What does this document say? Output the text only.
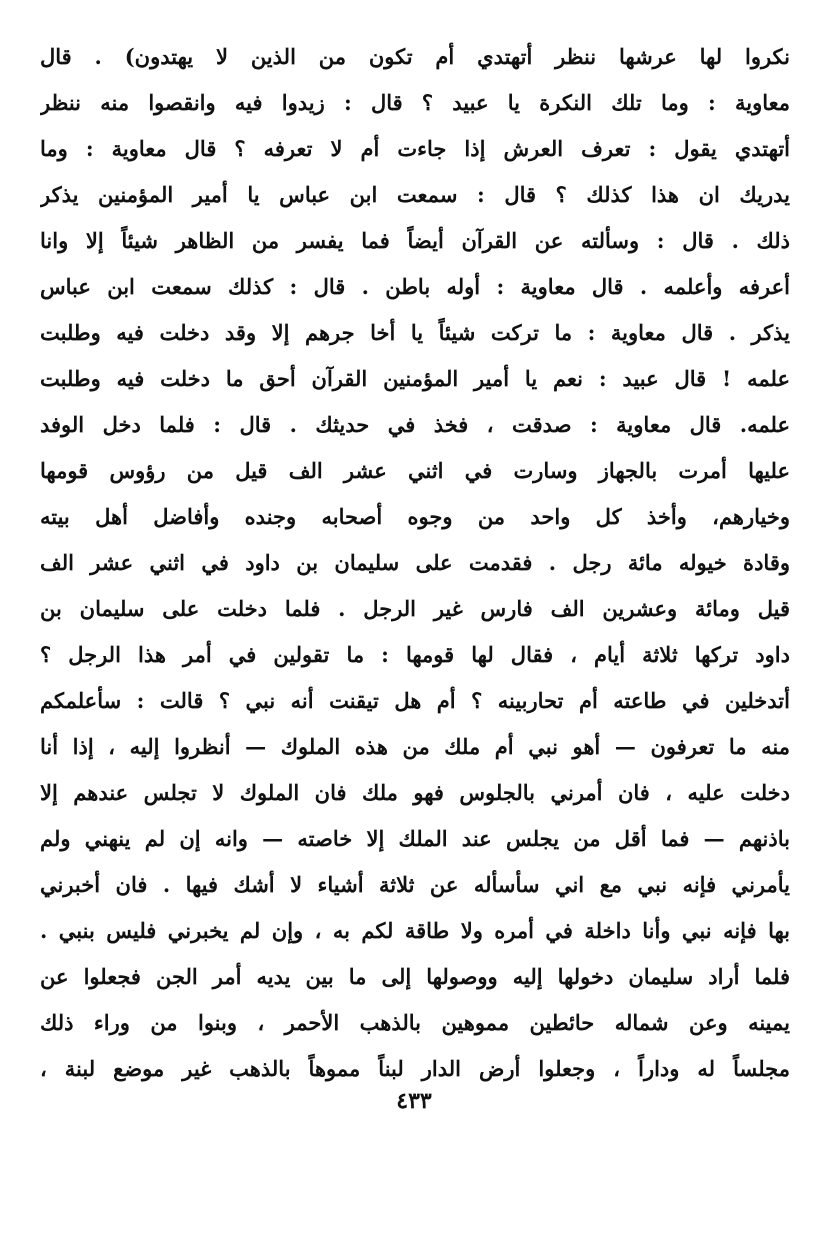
نكروا لها عرشها ننظر أتهتدي أم تكون من الذين لا يهتدون) . قال
معاوية : وما تلك النكرة يا عبيد ؟ قال : زيدوا فيه وانقصوا منه ننظر
أتهتدي يقول : تعرف العرش إذا جاءت أم لا تعرفه ؟ قال معاوية : وما
يدريك ان هذا كذلك ؟ قال : سمعت ابن عباس يا أمير المؤمنين يذكر
ذلك . قال : وسألته عن القرآن أيضاً فما يفسر من الظاهر شيئاً إلا وانا
أعرفه وأعلمه . قال معاوية : أوله باطن . قال : كذلك سمعت ابن عباس
يذكر . قال معاوية : ما تركت شيئاً يا أخا جرهم إلا وقد دخلت فيه وطلبت
علمه ! قال عبيد : نعم يا أمير المؤمنين القرآن أحق ما دخلت فيه وطلبت
علمه. قال معاوية : صدقت ، فخذ في حديثك . قال : فلما دخل الوفد
عليها أمرت بالجهاز وسارت في اثني عشر الف قيل من رؤوس قومها
وخيارهم، وأخذ كل واحد من وجوه أصحابه وجنده وأفاضل أهل بيته
وقادة خيوله مائة رجل . فقدمت على سليمان بن داود في اثني عشر الف
قيل ومائة وعشرين الف فارس غير الرجل . فلما دخلت على سليمان بن
داود تركها ثلاثة أيام ، فقال لها قومها : ما تقولين في أمر هذا الرجل ؟
أتدخلين في طاعته أم تحاربينه ؟ أم هل تيقنت أنه نبي ؟ قالت : سأعلمكم
منه ما تعرفون — أهو نبي أم ملك من هذه الملوك — أنظروا إليه ، إذا أنا
دخلت عليه ، فان أمرني بالجلوس فهو ملك فان الملوك لا تجلس عندهم إلا
باذنهم — فما أقل من يجلس عند الملك إلا خاصته — وانه إن لم ينهني ولم
يأمرني فإنه نبي مع اني سأسأله عن ثلاثة أشياء لا أشك فيها . فان أخبرني
بها فإنه نبي وأنا داخلة في أمره ولا طاقة لكم به ، وإن لم يخبرني فليس بنبي .
فلما أراد سليمان دخولها إليه ووصولها إلى ما بين يديه أمر الجن فجعلوا عن
يمينه وعن شماله حائطين مموهين بالذهب الأحمر ، وبنوا من وراء ذلك
مجلساً له وداراً ، وجعلوا أرض الدار لبناً مموهاً بالذهب غير موضع لبنة ،
٤٣٣
